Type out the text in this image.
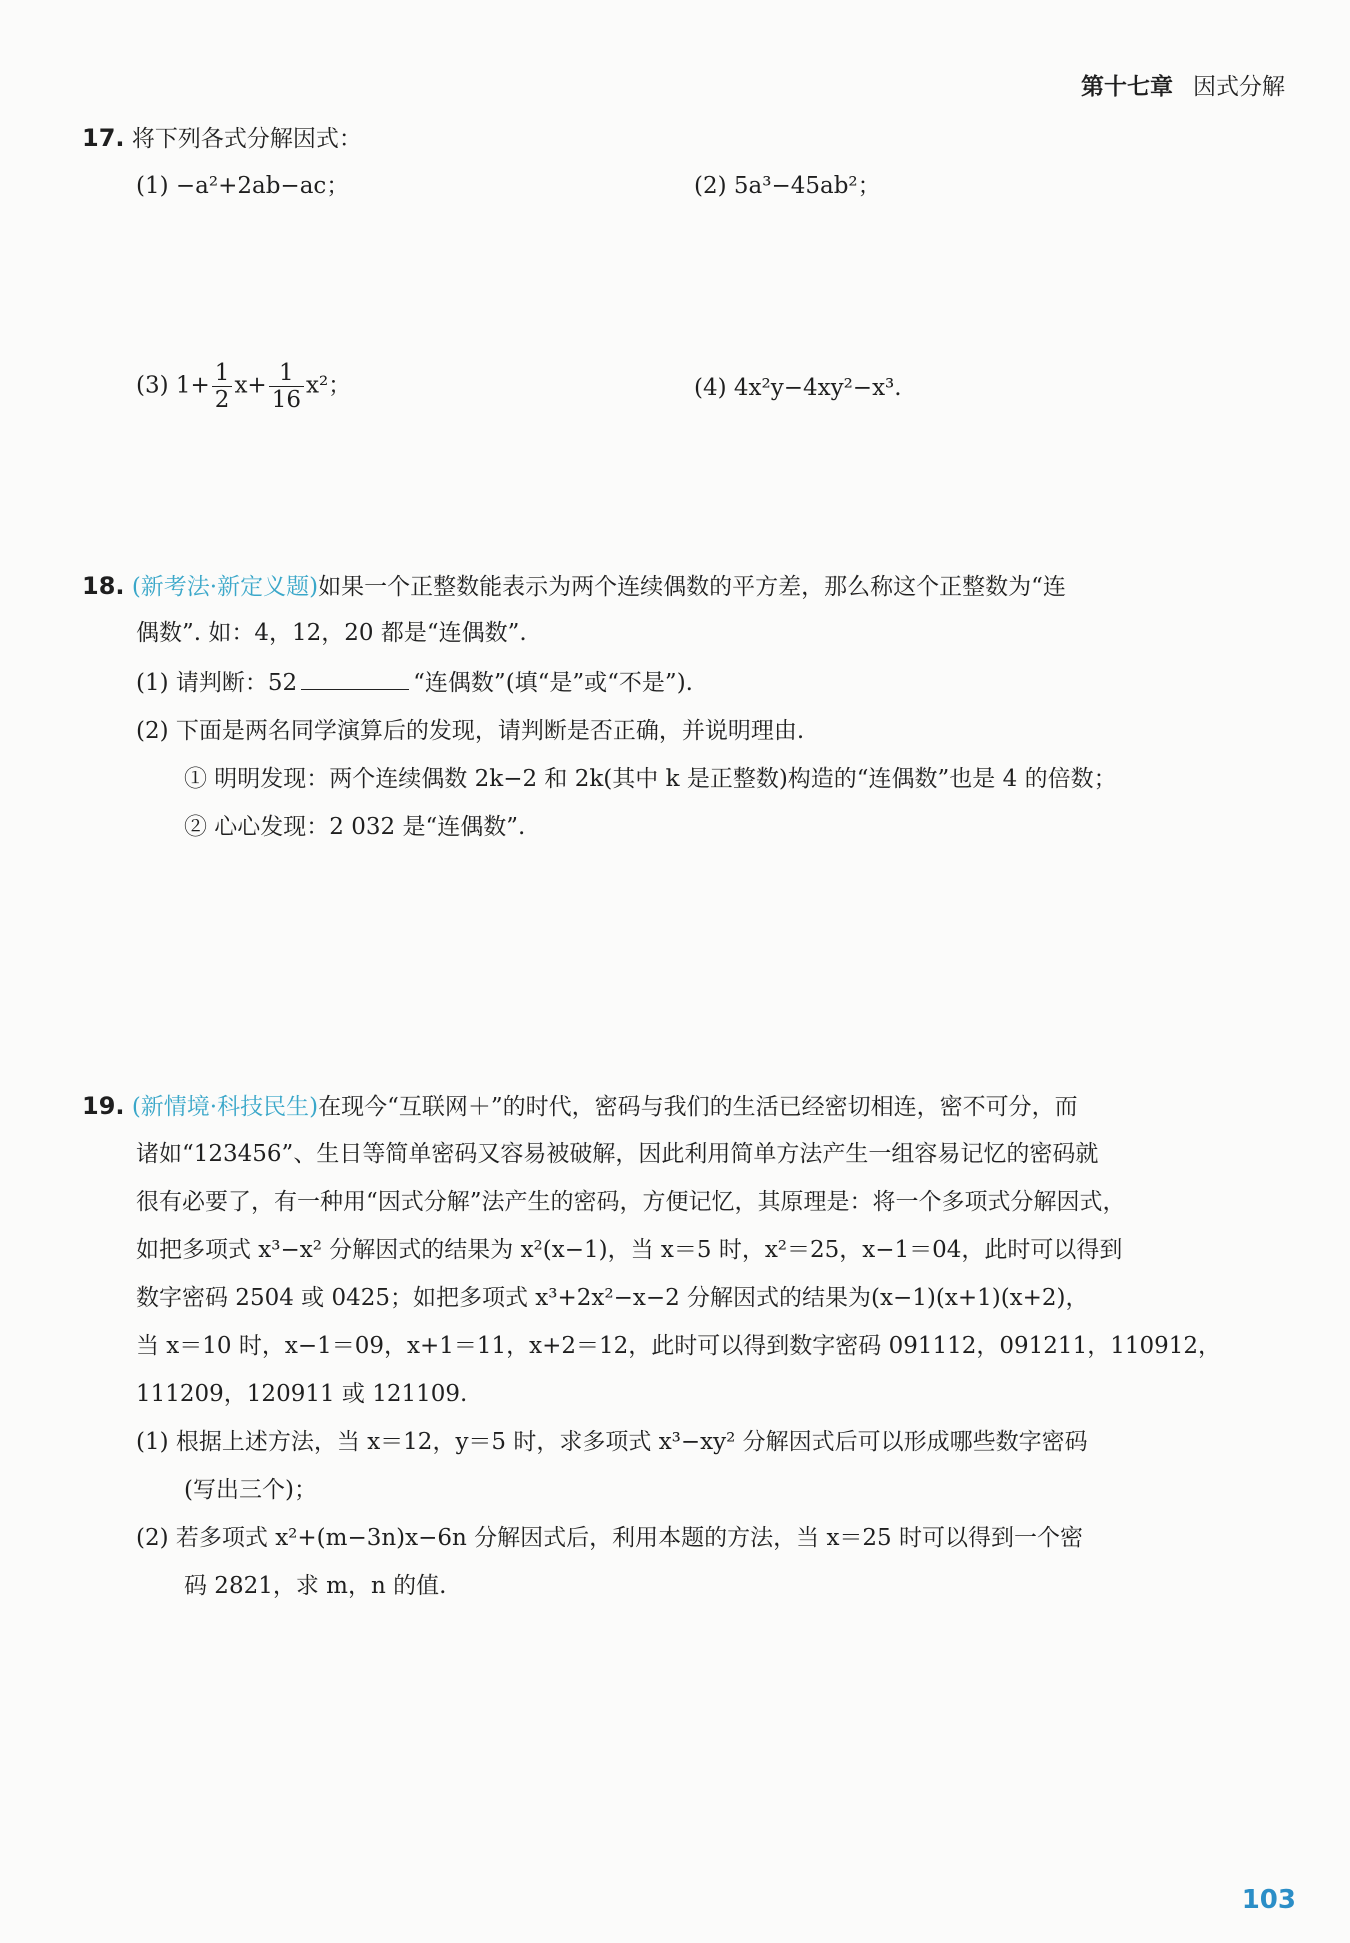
第十七章 因式分解
17. 将下列各式分解因式：
(1) −a²+2ab−ac；	(2) 5a³−45ab²；
(3) $1+ \frac{1}{2} x+ \frac{1}{16} x^2$；	(4) 4x²y−4xy²−x³.
18. (新考法·新定义题)如果一个正整数能表示为两个连续偶数的平方差，那么称这个正整数为“连
偶数”. 如：4，12，20 都是“连偶数”.
(1) 请判断：52	“连偶数”(填“是”或“不是”).
(2) 下面是两名同学演算后的发现，请判断是否正确，并说明理由.
① 明明发现：两个连续偶数 2k−2 和 2k(其中 k 是正整数)构造的“连偶数”也是 4 的倍数；
② 心心发现：2 032 是“连偶数”.
19. (新情境·科技民生)在现今“互联网＋”的时代，密码与我们的生活已经密切相连，密不可分，而
诸如“123456”、生日等简单密码又容易被破解，因此利用简单方法产生一组容易记忆的密码就
很有必要了，有一种用“因式分解”法产生的密码，方便记忆，其原理是：将一个多项式分解因式，
如把多项式 x³−x² 分解因式的结果为 x²(x−1)，当 x＝5 时，x²＝25，x−1＝04，此时可以得到
数字密码 2504 或 0425；如把多项式 x³+2x²−x−2 分解因式的结果为(x−1)(x+1)(x+2)，
当 x＝10 时，x−1＝09，x+1＝11，x+2＝12，此时可以得到数字密码 091112，091211，110912，
111209，120911 或 121109.
(1) 根据上述方法，当 x＝12，y＝5 时，求多项式 x³−xy² 分解因式后可以形成哪些数字密码
(写出三个)；
(2) 若多项式 x²+(m−3n)x−6n 分解因式后，利用本题的方法，当 x＝25 时可以得到一个密
码 2821，求 m，n 的值.
103
